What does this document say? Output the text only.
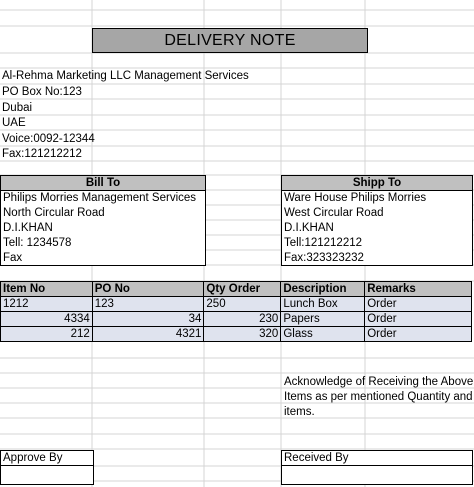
DELIVERY NOTE
Al-Rehma Marketing LLC Management Services
PO Box No:123
Dubai
UAE
Voice:0092-12344
Fax:121212212
Bill To
Philips Morries Management Services
North Circular Road
D.I.KHAN
Tell: 1234578
Fax
Shipp To
Ware House Philips Morries
West Circular Road
D.I.KHAN
Tell:121212212
Fax:323323232
Item No	PO No	Qty Order	Description	Remarks
1212	123	250	Lunch Box	Order
4334	34	230	Papers	Order
212	4321	320	Glass	Order
Acknowledge of Receiving the Above Items as per mentioned Quantity and items.
Approve By	Received By
